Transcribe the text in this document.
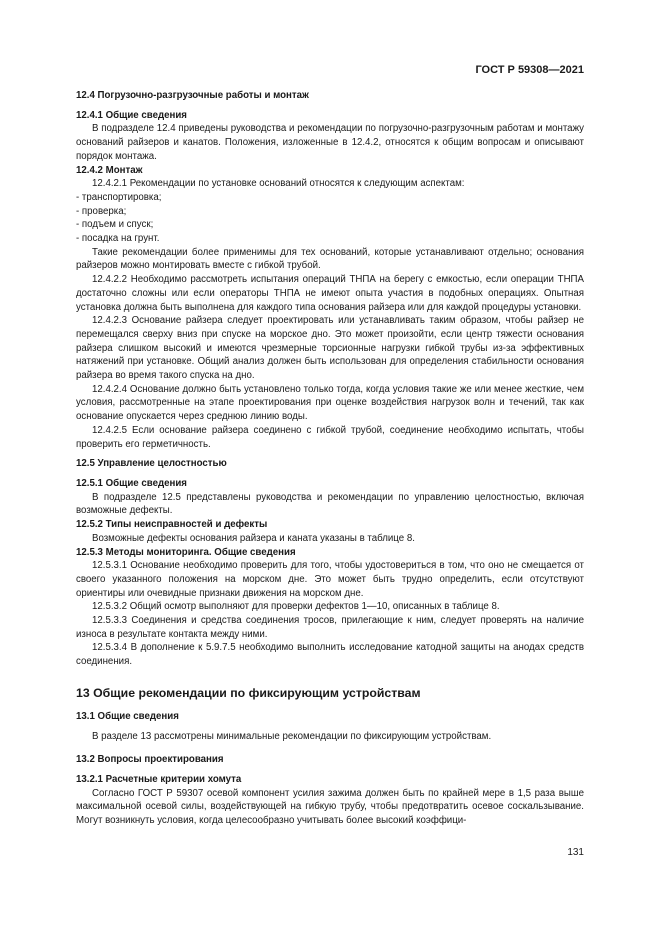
ГОСТ Р 59308—2021

12.4 Погрузочно-разгрузочные работы и монтаж

12.4.1 Общие сведения

В подразделе 12.4 приведены руководства и рекомендации по погрузочно-разгрузочным работам и монтажу оснований райзеров и канатов. Положения, изложенные в 12.4.2, относятся к общим вопросам и описывают порядок монтажа.

12.4.2 Монтаж

12.4.2.1 Рекомендации по установке оснований относятся к следующим аспектам:

- транспортировка;

- проверка;

- подъем и спуск;

- посадка на грунт.

Такие рекомендации более применимы для тех оснований, которые устанавливают отдельно; основания райзеров можно монтировать вместе с гибкой трубой.

12.4.2.2 Необходимо рассмотреть испытания операций ТНПА на берегу с емкостью, если операции ТНПА достаточно сложны или если операторы ТНПА не имеют опыта участия в подобных операциях. Опытная установка должна быть выполнена для каждого типа основания райзера или для каждой процедуры установки.

12.4.2.3 Основание райзера следует проектировать или устанавливать таким образом, чтобы райзер не перемещался сверху вниз при спуске на морское дно. Это может произойти, если центр тяжести основания райзера слишком высокий и имеются чрезмерные торсионные нагрузки гибкой трубы из-за эффективных натяжений при установке. Общий анализ должен быть использован для определения стабильности основания райзера во время такого спуска на дно.

12.4.2.4 Основание должно быть установлено только тогда, когда условия такие же или менее жесткие, чем условия, рассмотренные на этапе проектирования при оценке воздействия нагрузок волн и течений, так как основание опускается через среднюю линию воды.

12.4.2.5 Если основание райзера соединено с гибкой трубой, соединение необходимо испытать, чтобы проверить его герметичность.

12.5 Управление целостностью

12.5.1 Общие сведения

В подразделе 12.5 представлены руководства и рекомендации по управлению целостностью, включая возможные дефекты.

12.5.2 Типы неисправностей и дефекты

Возможные дефекты основания райзера и каната указаны в таблице 8.

12.5.3 Методы мониторинга. Общие сведения

12.5.3.1 Основание необходимо проверить для того, чтобы удостовериться в том, что оно не смещается от своего указанного положения на морском дне. Это может быть трудно определить, если отсутствуют ориентиры или очевидные признаки движения на морском дне.

12.5.3.2 Общий осмотр выполняют для проверки дефектов 1—10, описанных в таблице 8.

12.5.3.3 Соединения и средства соединения тросов, прилегающие к ним, следует проверять на наличие износа в результате контакта между ними.

12.5.3.4 В дополнение к 5.9.7.5 необходимо выполнить исследование катодной защиты на анодах средств соединения.

13 Общие рекомендации по фиксирующим устройствам

13.1 Общие сведения

В разделе 13 рассмотрены минимальные рекомендации по фиксирующим устройствам.

13.2 Вопросы проектирования

13.2.1 Расчетные критерии хомута

Согласно ГОСТ Р 59307 осевой компонент усилия зажима должен быть по крайней мере в 1,5 раза выше максимальной осевой силы, воздействующей на гибкую трубу, чтобы предотвратить осевое соскальзывание. Могут возникнуть условия, когда целесообразно учитывать более высокий коэффици-

131
